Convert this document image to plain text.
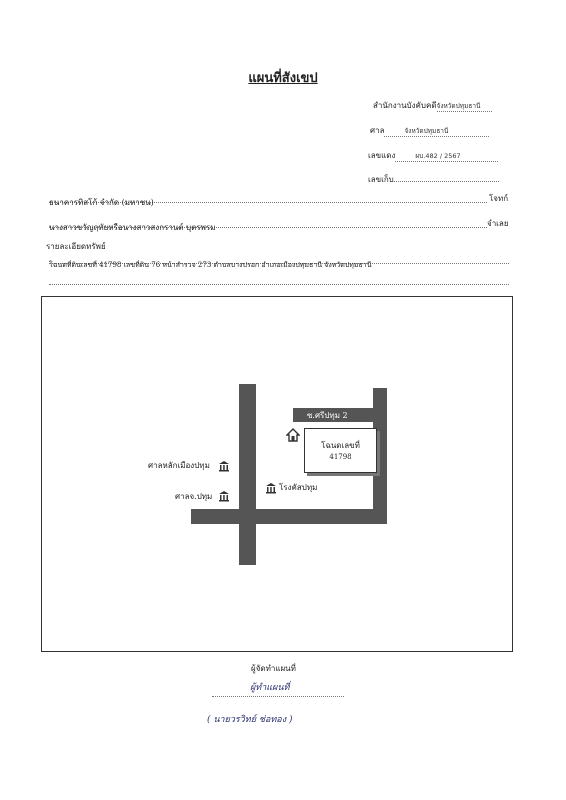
แผนที่สังเขป
สำนักงานบังคับคดีจังหวัดปทุมธานี
ศาล	จังหวัดปทุมธานี
เลขแดง	ผบ.482 / 2567
เลขเก็บ
ธนาคารทิสโก้ จำกัด (มหาชน)	โจทก์
นางสาวขวัญฤทัยหรือนางสาวสงกรานต์ บุตรพรม	จำเลย
รายละเอียดทรัพย์
โฉนดที่ดินเลขที่ 41798 เลขที่ดิน 76 หน้าสำรวจ 273 ตำบลบางปรอก อำเภอเมืองปทุมธานี จังหวัดปทุมธานี
ซ.ศรีปทุม 2
โฉนดเลขที่
41798
ศาลหลักเมืองปทุม
ศาลจ.ปทุม
โรงคัสปทุม
ผู้จัดทำแผนที่
ผู้ทำแผนที่
( นายวรวิทย์ ช่อทอง )
